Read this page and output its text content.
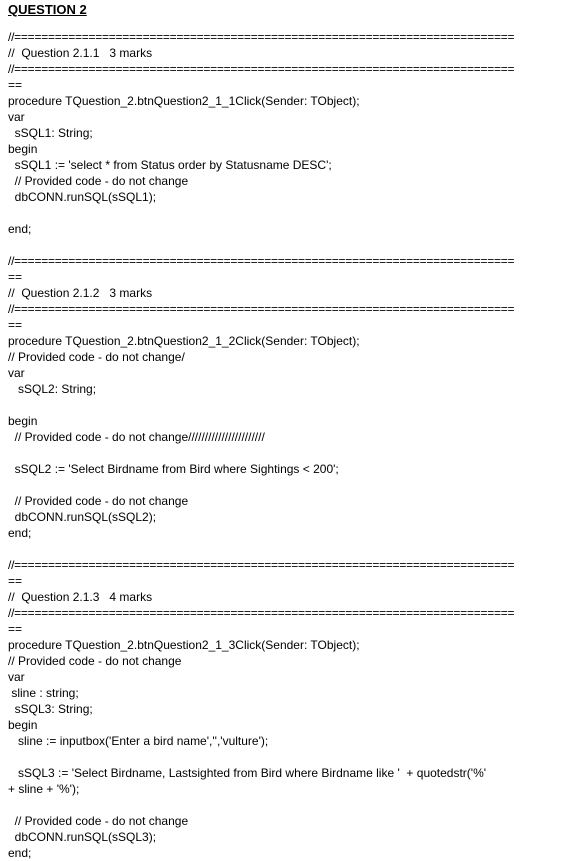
QUESTION 2
//==========================================================================
//  Question 2.1.1   3 marks
//==========================================================================
==
procedure TQuestion_2.btnQuestion2_1_1Click(Sender: TObject);
var
sSQL1: String;
begin
sSQL1 := 'select * from Status order by Statusname DESC';
// Provided code - do not change
dbCONN.runSQL(sSQL1);
end;
//==========================================================================
==
//  Question 2.1.2   3 marks
//==========================================================================
==
procedure TQuestion_2.btnQuestion2_1_2Click(Sender: TObject);
// Provided code - do not change/
var
sSQL2: String;
begin
// Provided code - do not change///////////////////////
sSQL2 := 'Select Birdname from Bird where Sightings < 200';
// Provided code - do not change
dbCONN.runSQL(sSQL2);
end;
//==========================================================================
==
//  Question 2.1.3   4 marks
//==========================================================================
==
procedure TQuestion_2.btnQuestion2_1_3Click(Sender: TObject);
// Provided code - do not change
var
sline : string;
sSQL3: String;
begin
sline := inputbox('Enter a bird name','','vulture');
sSQL3 := 'Select Birdname, Lastsighted from Bird where Birdname like '  + quotedstr('%'
+ sline + '%');
// Provided code - do not change
dbCONN.runSQL(sSQL3);
end;
